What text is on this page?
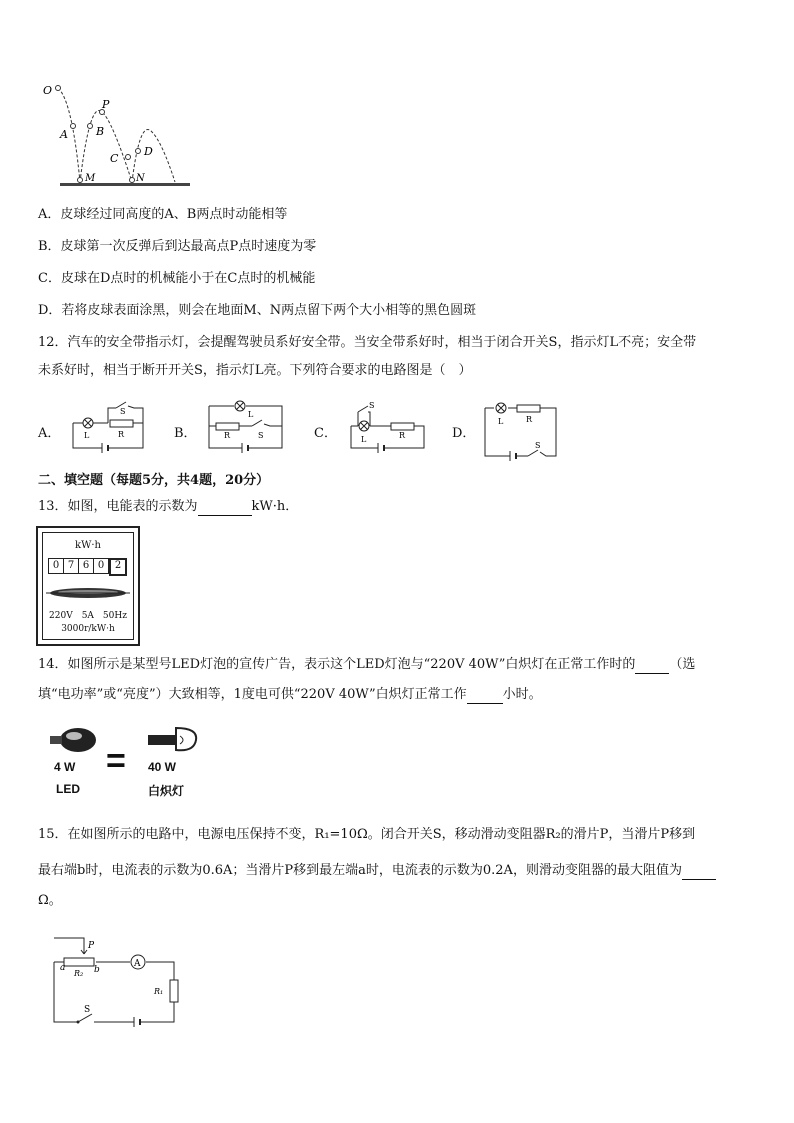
O
P
A	B
C
D
M	N
A．皮球经过同高度的A、B两点时动能相等
B．皮球第一次反弹后到达最高点P点时速度为零
C．皮球在D点时的机械能小于在C点时的机械能
D．若将皮球表面涂黑，则会在地面M、N两点留下两个大小相等的黑色圆斑
12．汽车的安全带指示灯，会提醒驾驶员系好安全带。当安全带系好时，相当于闭合开关S，指示灯L不亮；安全带
未系好时，相当于断开开关S，指示灯L亮。下列符合要求的电路图是（　）
A．	B．	C．	D．
L	R
S	L
R	S	L	R
S
L	R
S
二、填空题（每题5分，共4题，20分）
13．如图，电能表的示数为	kW·h．
kW·h
0 7 6 0	2
220V　5A　50Hz
3000r/kW·h
14．如图所示是某型号LED灯泡的宣传广告，表示这个LED灯泡与“220V 40W”白炽灯在正常工作时的	（选
填“电功率”或“亮度”）大致相等，1度电可供“220V 40W”白炽灯正常工作	小时。
4 W = 40 W
LED	白炽灯
15．在如图所示的电路中，电源电压保持不变，R₁=10Ω。闭合开关S，移动滑动变阻器R₂的滑片P，当滑片P移到
最右端b时，电流表的示数为0.6A；当滑片P移到最左端a时，电流表的示数为0.2A，则滑动变阻器的最大阻值为
Ω。
A
P
a	b
R₂
R₁
S
